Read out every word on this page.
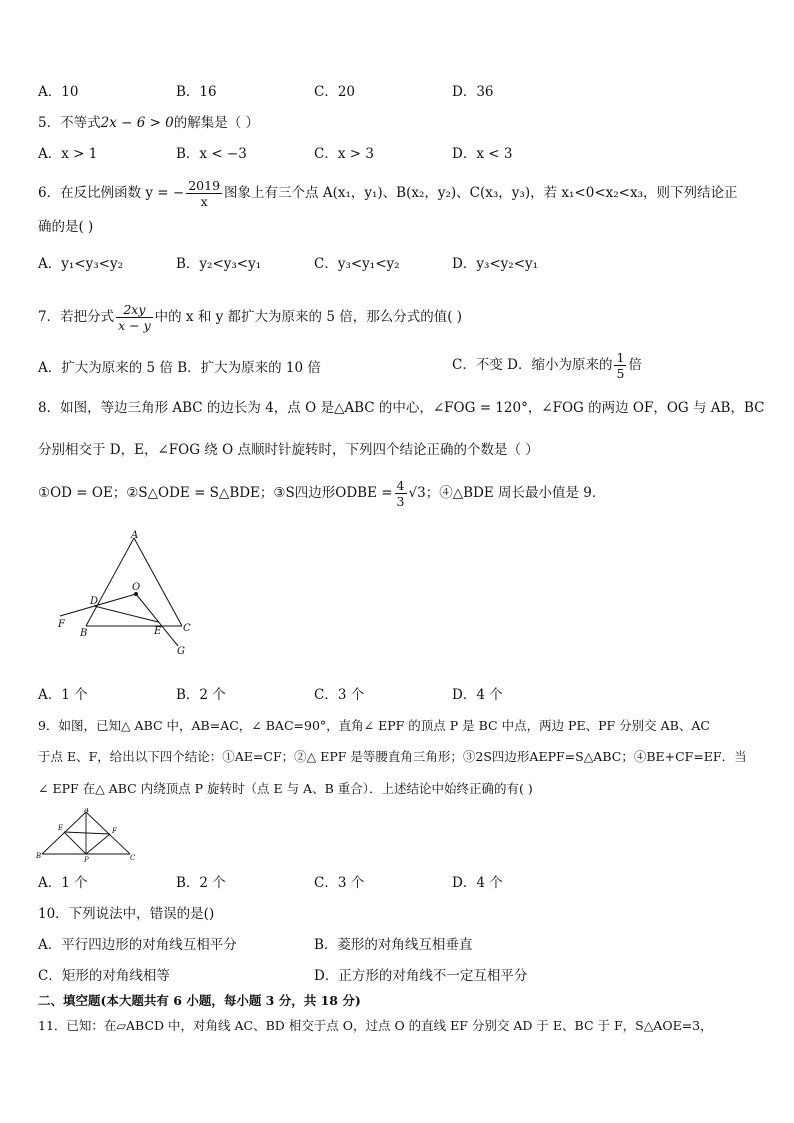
A．10	B．16	C．20	D．36
5．不等式2x − 6 > 0的解集是（ ）
A．x > 1	B．x < −3	C．x > 3	D．x < 3
6．在反比例函数 y = − $\frac{2019}{x}$ 图象上有三个点 A(x₁，y₁)、B(x₂，y₂)、C(x₃，y₃)，若 x₁<0<x₂<x₃，则下列结论正
确的是( )
A．y₁<y₃<y₂	B．y₂<y₃<y₁	C．y₃<y₁<y₂	D．y₃<y₂<y₁
7．若把分式 $\frac{2xy}{x - y}$ 中的 x 和 y 都扩大为原来的 5 倍，那么分式的值( )
A．扩大为原来的 5 倍 B．扩大为原来的 10 倍	C．不变 D．缩小为原来的 $\frac{1}{5}$ 倍
8．如图，等边三角形 ABC 的边长为 4，点 O 是△ABC 的中心，∠FOG = 120°，∠FOG 的两边 OF，OG 与 AB，BC
分别相交于 D，E，∠FOG 绕 O 点顺时针旋转时，下列四个结论正确的个数是（ ）
①OD = OE；②S△ODE = S△BDE；③S四边形ODBE = $\frac{4}{3} √3$；④△BDE 周长最小值是 9．
A
O
D
F
B	E C
G
A．1 个	B．2 个	C．3 个	D．4 个
9．如图，已知△ ABC 中，AB=AC，∠ BAC=90°，直角∠ EPF 的顶点 P 是 BC 中点，两边 PE、PF 分别交 AB、AC
于点 E、F，给出以下四个结论：①AE=CF；②△ EPF 是等腰直角三角形；③2S四边形AEPF=S△ABC；④BE+CF=EF．当
∠ EPF 在△ ABC 内绕顶点 P 旋转时（点 E 与 A、B 重合）．上述结论中始终正确的有( )
A
E	F
B	P	C
A．1 个	B．2 个	C．3 个	D．4 个
10．下列说法中，错误的是()
A．平行四边形的对角线互相平分	B．菱形的对角线互相垂直
C．矩形的对角线相等	D．正方形的对角线不一定互相平分
二、填空题(本大题共有 6 小题，每小题 3 分，共 18 分)
11．已知：在▱ABCD 中，对角线 AC、BD 相交于点 O，过点 O 的直线 EF 分别交 AD 于 E、BC 于 F，S△AOE=3，
